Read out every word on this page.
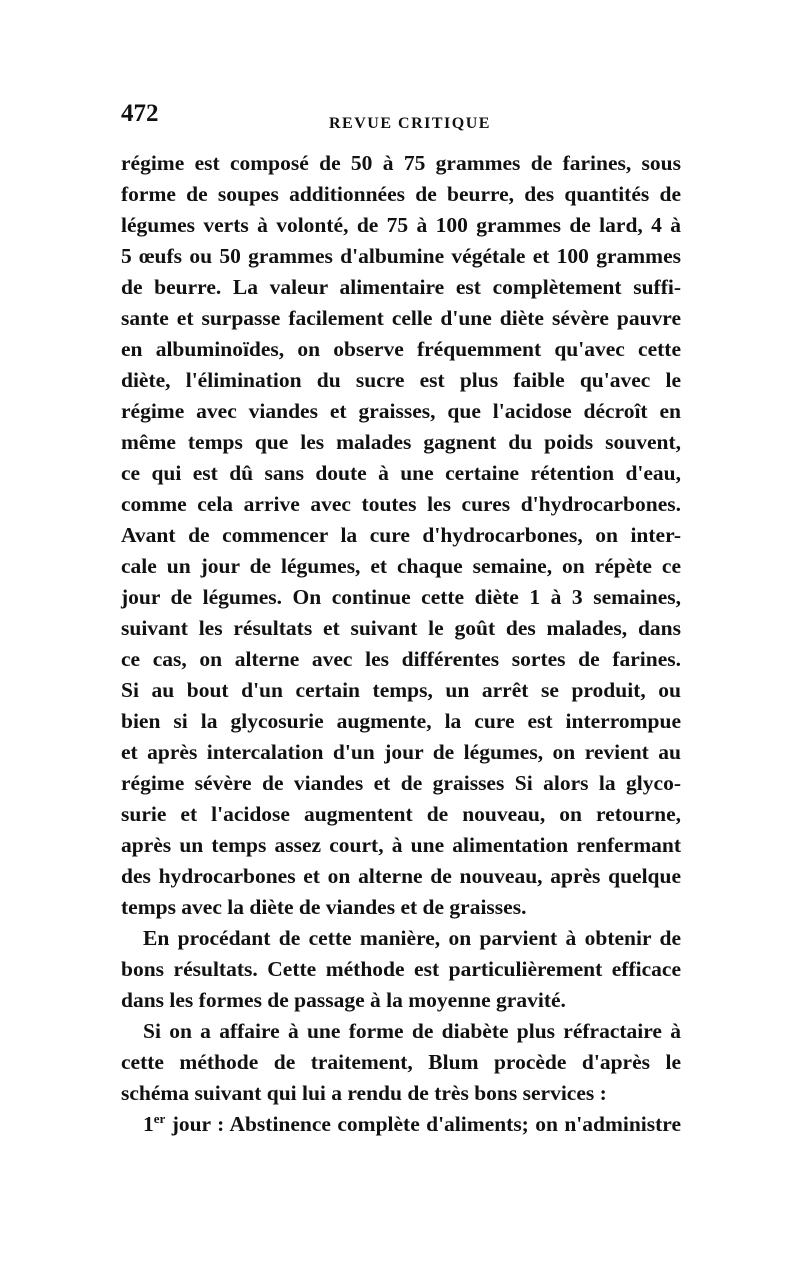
472	REVUE CRITIQUE

régime est composé de 50 à 75 grammes de farines, sous
forme de soupes additionnées de beurre, des quantités de
légumes verts à volonté, de 75 à 100 grammes de lard, 4 à
5 œufs ou 50 grammes d'albumine végétale et 100 grammes
de beurre. La valeur alimentaire est complètement suffi-
sante et surpasse facilement celle d'une diète sévère pauvre
en albuminoïdes, on observe fréquemment qu'avec cette
diète, l'élimination du sucre est plus faible qu'avec le
régime avec viandes et graisses, que l'acidose décroît en
même temps que les malades gagnent du poids souvent,
ce qui est dû sans doute à une certaine rétention d'eau,
comme cela arrive avec toutes les cures d'hydrocarbones.
Avant de commencer la cure d'hydrocarbones, on inter-
cale un jour de légumes, et chaque semaine, on répète ce
jour de légumes. On continue cette diète 1 à 3 semaines,
suivant les résultats et suivant le goût des malades, dans
ce cas, on alterne avec les différentes sortes de farines.
Si au bout d'un certain temps, un arrêt se produit, ou
bien si la glycosurie augmente, la cure est interrompue
et après intercalation d'un jour de légumes, on revient au
régime sévère de viandes et de graisses Si alors la glyco-
surie et l'acidose augmentent de nouveau, on retourne,
après un temps assez court, à une alimentation renfermant
des hydrocarbones et on alterne de nouveau, après quelque
temps avec la diète de viandes et de graisses.

En procédant de cette manière, on parvient à obtenir de
bons résultats. Cette méthode est particulièrement efficace
dans les formes de passage à la moyenne gravité.

Si on a affaire à une forme de diabète plus réfractaire à
cette méthode de traitement, Blum procède d'après le
schéma suivant qui lui a rendu de très bons services :

1er jour : Abstinence complète d'aliments; on n'administre
